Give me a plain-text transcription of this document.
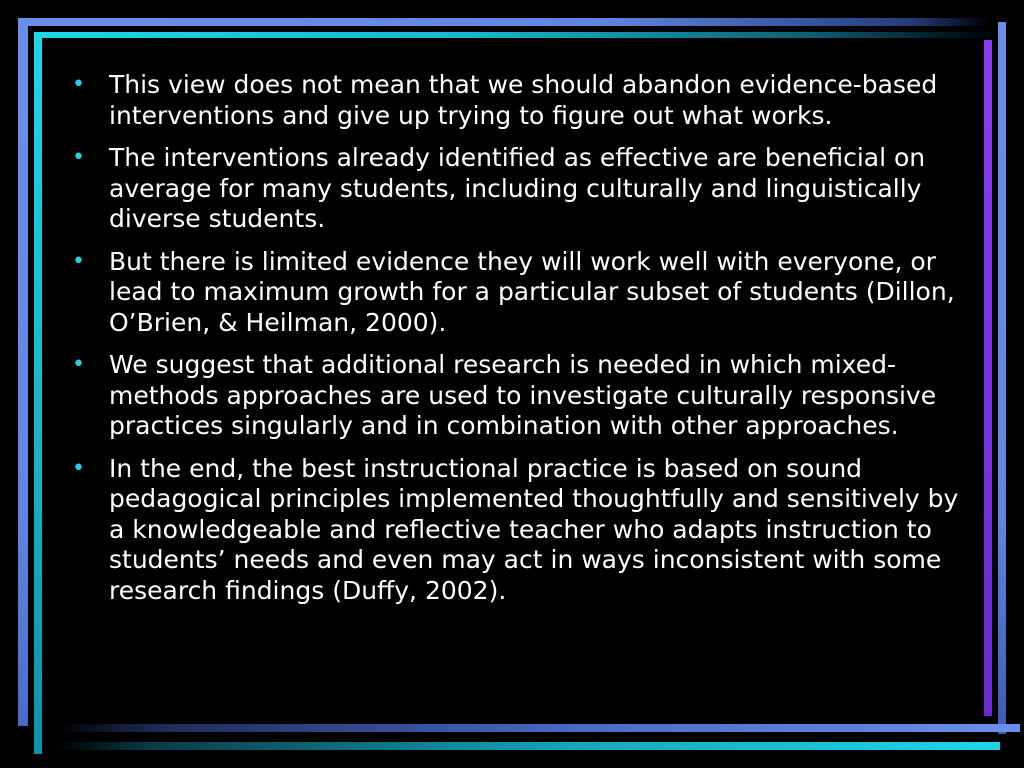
• This view does not mean that we should abandon evidence-based interventions and give up trying to figure out what works.
• The interventions already identified as effective are beneficial on average for many students, including culturally and linguistically diverse students.
• But there is limited evidence they will work well with everyone, or lead to maximum growth for a particular subset of students (Dillon, O’Brien, & Heilman, 2000).
• We suggest that additional research is needed in which mixed-methods approaches are used to investigate culturally responsive practices singularly and in combination with other approaches.
• In the end, the best instructional practice is based on sound pedagogical principles implemented thoughtfully and sensitively by a knowledgeable and reflective teacher who adapts instruction to students’ needs and even may act in ways inconsistent with some research findings (Duffy, 2002).
